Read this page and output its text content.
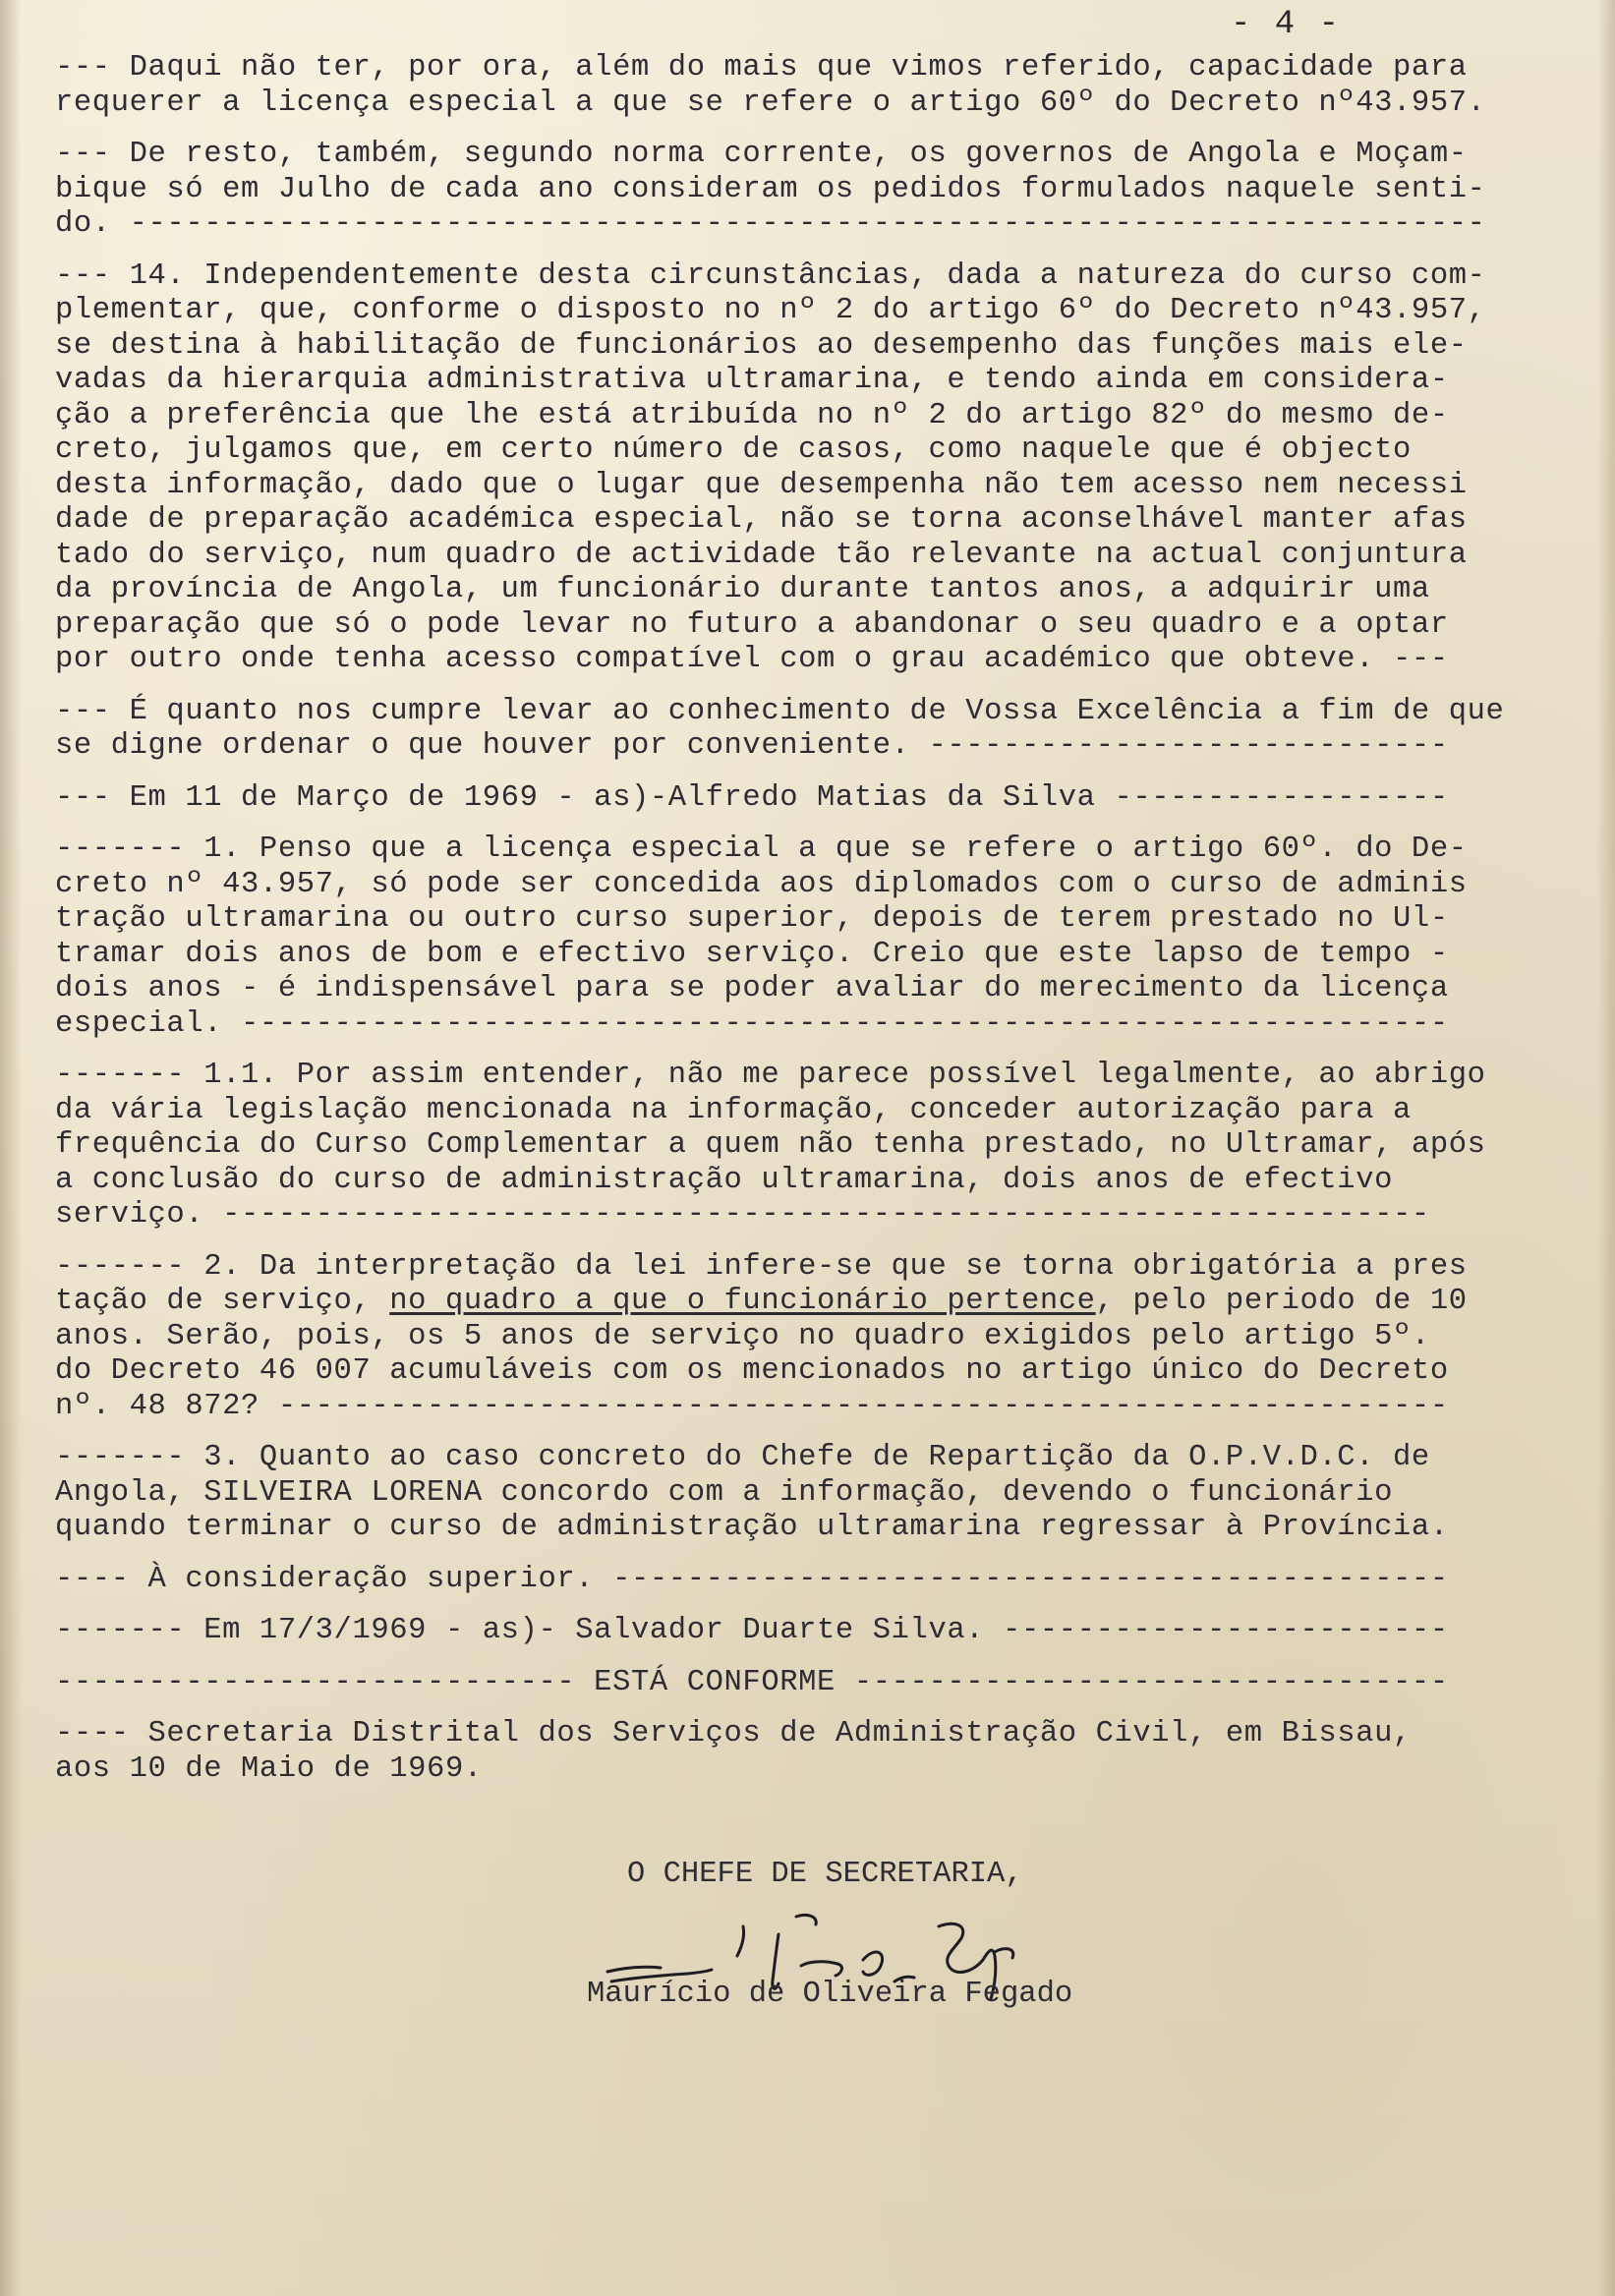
- 4 -
--- Daqui não ter, por ora, além do mais que vimos referido, capacidade para
requerer a licença especial a que se refere o artigo 60º do Decreto nº43.957.
--- De resto, também, segundo norma corrente, os governos de Angola e Moçam-
bique só em Julho de cada ano consideram os pedidos formulados naquele senti-
do. -------------------------------------------------------------------------
--- 14. Independentemente desta circunstâncias, dada a natureza do curso com-
plementar, que, conforme o disposto no nº 2 do artigo 6º do Decreto nº43.957,
se destina à habilitação de funcionários ao desempenho das funções mais ele-
vadas da hierarquia administrativa ultramarina, e tendo ainda em considera-
ção a preferência que lhe está atribuída no nº 2 do artigo 82º do mesmo de-
creto, julgamos que, em certo número de casos, como naquele que é objecto
desta informação, dado que o lugar que desempenha não tem acesso nem necessi
dade de preparação académica especial, não se torna aconselhável manter afas
tado do serviço, num quadro de actividade tão relevante na actual conjuntura
da província de Angola, um funcionário durante tantos anos, a adquirir uma
preparação que só o pode levar no futuro a abandonar o seu quadro e a optar
por outro onde tenha acesso compatível com o grau académico que obteve. ---
--- É quanto nos cumpre levar ao conhecimento de Vossa Excelência a fim de que
se digne ordenar o que houver por conveniente. ----------------------------
--- Em 11 de Março de 1969 - as)-Alfredo Matias da Silva ------------------
------- 1. Penso que a licença especial a que se refere o artigo 60º. do De-
creto nº 43.957, só pode ser concedida aos diplomados com o curso de adminis
tração ultramarina ou outro curso superior, depois de terem prestado no Ul-
tramar dois anos de bom e efectivo serviço. Creio que este lapso de tempo -
dois anos - é indispensável para se poder avaliar do merecimento da licença
especial. -----------------------------------------------------------------
------- 1.1. Por assim entender, não me parece possível legalmente, ao abrigo
da vária legislação mencionada na informação, conceder autorização para a
frequência do Curso Complementar a quem não tenha prestado, no Ultramar, após
a conclusão do curso de administração ultramarina, dois anos de efectivo
serviço. -----------------------------------------------------------------
------- 2. Da interpretação da lei infere-se que se torna obrigatória a pres
tação de serviço, no quadro a que o funcionário pertence, pelo periodo de 10
anos. Serão, pois, os 5 anos de serviço no quadro exigidos pelo artigo 5º.
do Decreto 46 007 acumuláveis com os mencionados no artigo único do Decreto
nº. 48 872? ---------------------------------------------------------------
------- 3. Quanto ao caso concreto do Chefe de Repartição da O.P.V.D.C. de
Angola, SILVEIRA LORENA concordo com a informação, devendo o funcionário
quando terminar o curso de administração ultramarina regressar à Província.
---- À consideração superior. ---------------------------------------------
------- Em 17/3/1969 - as)- Salvador Duarte Silva. ------------------------
---------------------------- ESTÁ CONFORME --------------------------------
---- Secretaria Distrital dos Serviços de Administração Civil, em Bissau,
aos 10 de Maio de 1969.
O CHEFE DE SECRETARIA,
Maurício de Oliveira Fegado
